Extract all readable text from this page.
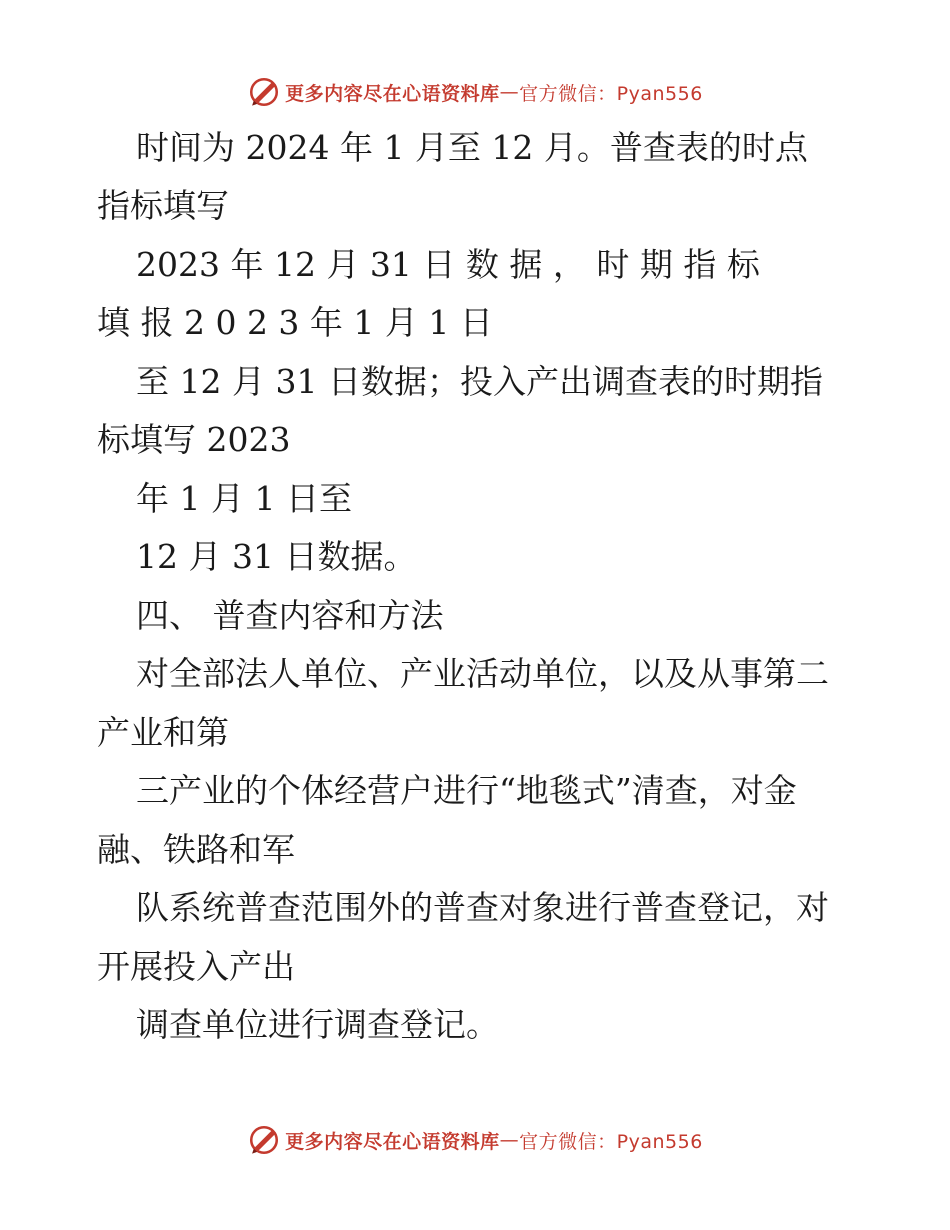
更多内容尽在心语资料库 — 官方微信：Pyan556
时间为 2024 年 1 月至 12 月。普查表的时点
指标填写
2023 年 12 月 31 日 数 据 ， 时 期 指 标
填 报 2 0 2 3 年 1 月 1 日
至 12 月 31 日数据；投入产出调查表的时期指
标填写 2023
年 1 月 1 日至
12 月 31 日数据。
四、 普查内容和方法
对全部法人单位、产业活动单位，以及从事第二
产业和第
三产业的个体经营户进行“地毯式”清查，对金
融、铁路和军
队系统普查范围外的普查对象进行普查登记，对
开展投入产出
调查单位进行调查登记。
更多内容尽在心语资料库 — 官方微信：Pyan556
